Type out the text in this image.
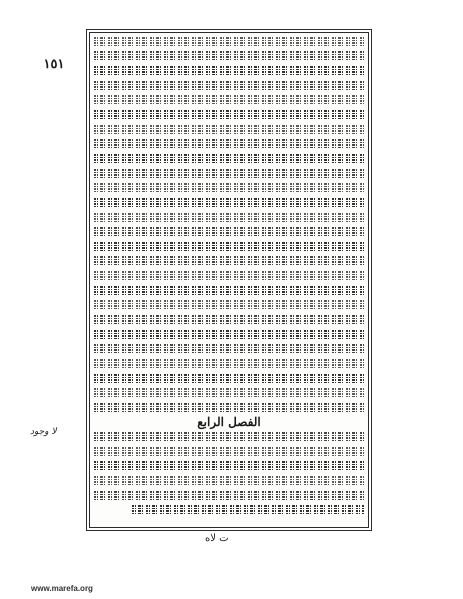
١٥١
الفصل الرابع
لا وجود
ت لاه
www.marefa.org
